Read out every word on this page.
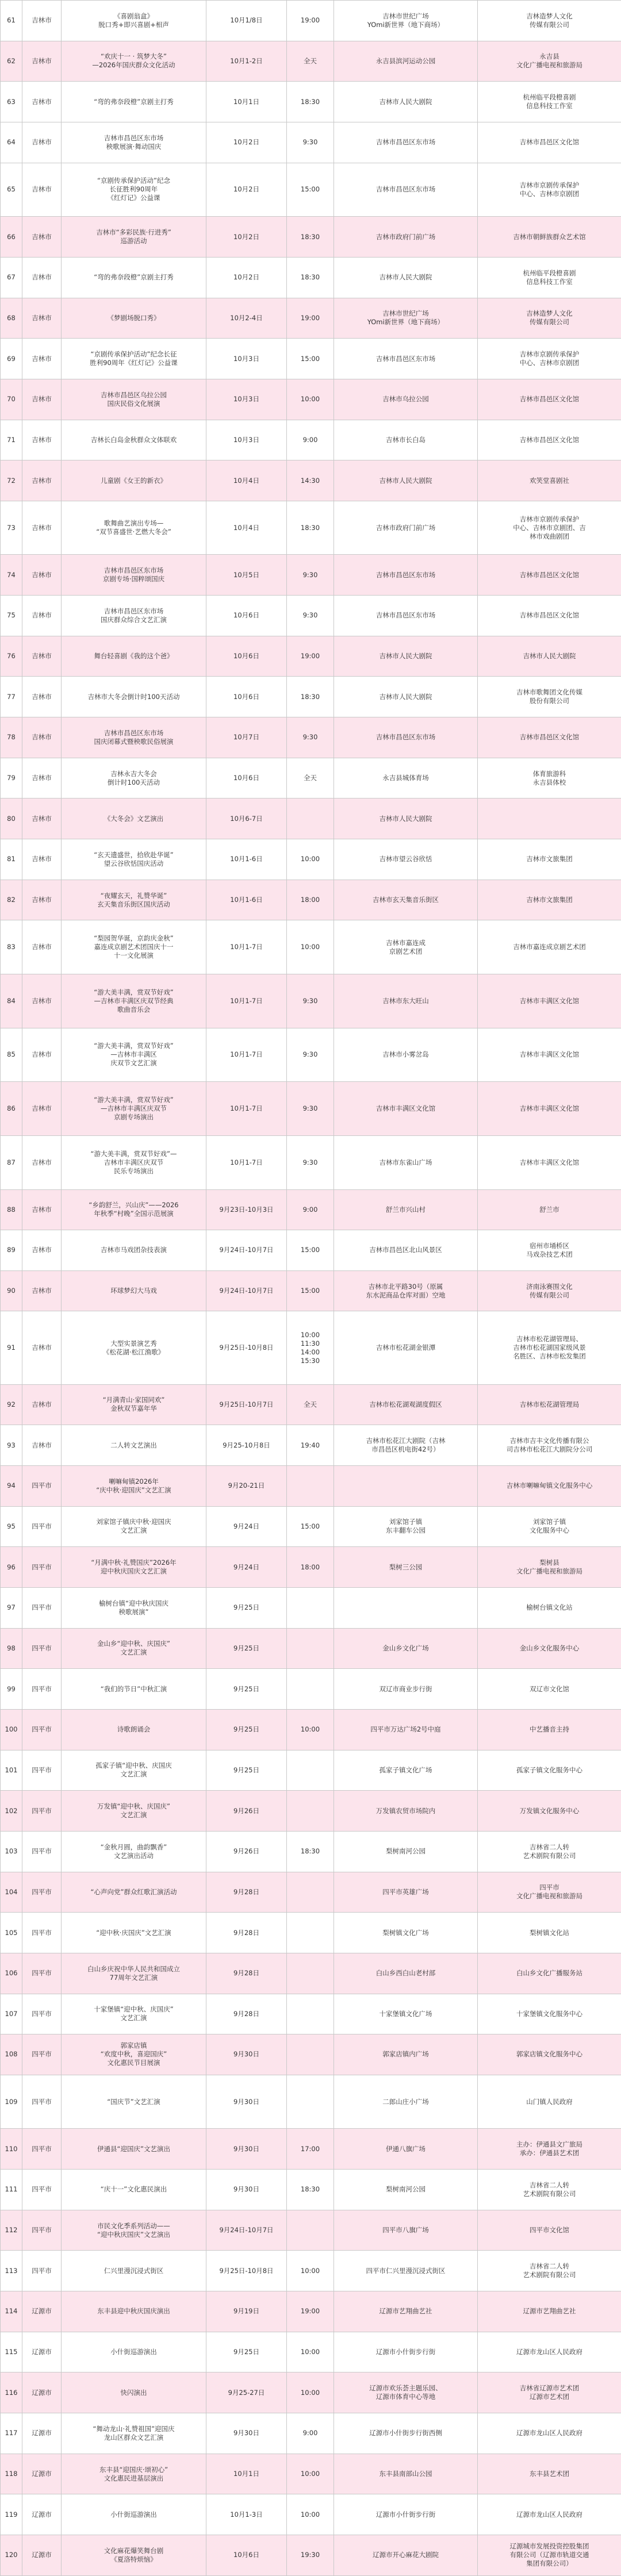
61	吉林市	《喜剧翁盒》
脱口秀+即兴喜剧+相声	10月1/8日	19:00	吉林市世纪广场
YOmi新世界（地下商场）	吉林造梦人文化
传媒有限公司
62	吉林市	“欢庆十一 · 筑梦大冬”
—2026年国庆群众文化活动	10月1-2日	全天	永吉县滨河运动公园	永吉县
文化广播电视和旅游局
63	吉林市	“弯的弗奈段橙”京剧主打秀	10月1日	18:30	吉林市人民大剧院	杭州临平段橙喜剧
信息科技工作室
64	吉林市	吉林市昌邑区东市场
秧歌展演·舞动国庆	10月2日	9:30	吉林市昌邑区东市场	吉林市昌邑区文化馆
65	吉林市	“京剧传承保护活动”纪念
长征胜利90周年
《红灯记》公益课	10月2日	15:00	吉林市昌邑区东市场	吉林市京剧传承保护
中心、吉林市京剧团
66	吉林市	吉林市“多彩民族·行进秀”
巡游活动	10月2日	18:30	吉林市政府门前广场	吉林市朝鲜族群众艺术馆
67	吉林市	“弯的弗奈段橙”京剧主打秀	10月2日	18:30	吉林市人民大剧院	杭州临平段橙喜剧
信息科技工作室
68	吉林市	《梦剧场脱口秀》	10月2-4日	19:00	吉林市世纪广场
YOmi新世界（地下商场）	吉林造梦人文化
传媒有限公司
69	吉林市	“京剧传承保护活动”纪念长征
胜利90周年《红灯记》公益课	10月3日	15:00	吉林市昌邑区东市场	吉林市京剧传承保护
中心、吉林市京剧团
70	吉林市	吉林市昌邑区乌拉公园
国庆民俗文化展演	10月3日	10:00	吉林市乌拉公园	吉林市昌邑区文化馆
71	吉林市	吉林长白岛金秋群众文体联欢	10月3日	9:00	吉林市长白岛	吉林市昌邑区文化馆
72	吉林市	儿童剧《女王的新衣》	10月4日	14:30	吉林市人民大剧院	欢笑堂喜剧社
73	吉林市	歌舞曲艺演出专场—
“双节喜盛世·艺燃大冬会”	10月4日	18:30	吉林市政府门前广场	吉林市京剧传承保护
中心、吉林市京剧团、吉
林市戏曲剧团
74	吉林市	吉林市昌邑区东市场
京剧专场·国粹颂国庆	10月5日	9:30	吉林市昌邑区东市场	吉林市昌邑区文化馆
75	吉林市	吉林市昌邑区东市场
国庆群众综合文艺汇演	10月6日	9:30	吉林市昌邑区东市场	吉林市昌邑区文化馆
76	吉林市	舞台轻喜剧《我的这个爸》	10月6日	19:00	吉林市人民大剧院	吉林市人民大剧院
77	吉林市	吉林市大冬会倒计时100天活动	10月6日	18:30	吉林市人民大剧院	吉林市歌舞团文化传媒
股份有限公司
78	吉林市	吉林市昌邑区东市场
国庆闭幕式暨秧歌民俗展演	10月7日	9:30	吉林市昌邑区东市场	吉林市昌邑区文化馆
79	吉林市	吉林永吉大冬会
倒计时100天活动	10月6日	全天	永吉县城体育场	体育旅游科
永吉县体校
80	吉林市	《大冬会》文艺演出	10月6-7日		吉林市人民大剧院	
81	吉林市	“玄天遗盛世，拾欣赴华诞”
望云谷欣恬国庆活动	10月1-6日	10:00	吉林市望云谷欣恬	吉林市文旅集团
82	吉林市	“夜耀玄天，礼赞华诞”
玄天集音乐街区国庆活动	10月1-6日	18:00	吉林市玄天集音乐街区	吉林市文旅集团
83	吉林市	“梨园贺华诞，京韵庆金秋”
嘉连成京剧艺术团国庆十一
十一文化展演	10月1-7日	10:00	吉林市嘉连成
京剧艺术团	吉林市嘉连成京剧艺术团
84	吉林市	“游大美丰满，赏双节好戏”
—吉林市丰满区庆双节经典
歌曲音乐会	10月1-7日	9:30	吉林市东大旺山	吉林市丰满区文化馆
85	吉林市	“游大美丰满，赏双节好戏”
—吉林市丰满区
庆双节文艺汇演	10月1-7日	9:30	吉林市小雾岔岛	吉林市丰满区文化馆
86	吉林市	“游大美丰满，赏双节好戏”
—吉林市丰满区庆双节
京剧专场演出	10月1-7日	9:30	吉林市丰满区文化馆	吉林市丰满区文化馆
87	吉林市	“游大美丰满，赏双节好戏”—
吉林市丰满区庆双节
民乐专场演出	10月1-7日	9:30	吉林市东雀山广场	吉林市丰满区文化馆
88	吉林市	“乡韵舒兰，兴山庆”——2026
年秋季“村晚”全国示范展演	9月23日-10月3日	9:00	舒兰市兴山村	舒兰市
89	吉林市	吉林市马戏团杂技表演	9月24日-10月7日	15:00	吉林市昌邑区北山风景区	宿州市埇桥区
马戏杂技艺术团
90	吉林市	环球梦幻大马戏	9月24日-10月7日	15:00	吉林市北平路30号（原属
东水泥商品仓库对面）空地	济南泳赛围文化
传媒有限公司
91	吉林市	大型实景演艺秀
《松花湖·松江渔歌》	9月25日-10月8日	10:00
11:30
14:00
15:30	吉林市松花湖金银潭	吉林市松花湖管理局、
吉林市松花湖国家级风景
名胜区、吉林市松发集团
92	吉林市	“月满青山·家国同欢”
金秋双节嘉年华	9月25日-10月7日	全天	吉林市松花湖观湖度假区	吉林市松花湖管理局
93	吉林市	二人转文艺演出	9月25-10月8日	19:40	吉林市松花江大剧院（吉林
市昌邑区机电街42号）	吉林市吉丰文化传播有限公
司吉林市松花江大剧院分公司
94	四平市	喇嘛甸镇2026年
“庆中秋·迎国庆”文艺汇演	9月20-21日			吉林市喇嘛甸镇文化服务中心
95	四平市	刘家馆子镇庆中秋·迎国庆
文艺汇演	9月24日	15:00	刘家馆子镇
东丰翻车公园	刘家馆子镇
文化服务中心
96	四平市	“月满中秋·礼赞国庆”2026年
迎中秋庆国庆文艺汇演	9月24日	18:00	梨树三公园	梨树县
文化广播电视和旅游局
97	四平市	榆树台镇“迎中秋庆国庆
秧歌展演”	9月25日			榆树台镇文化站
98	四平市	金山乡“迎中秋、庆国庆”
文艺汇演	9月25日		金山乡文化广场	金山乡文化服务中心
99	四平市	“我们的节日”中秋汇演	9月25日		双辽市商业步行街	双辽市文化馆
100	四平市	诗歌朗诵会	9月25日	10:00	四平市万达广场2号中庭	中艺播音主持
101	四平市	孤家子镇“迎中秋、庆国庆
文艺汇演	9月25日		孤家子镇文化广场	孤家子镇文化服务中心
102	四平市	万发镇“迎中秋、庆国庆”
文艺汇演	9月26日		万发镇农贸市场院内	万发镇文化服务中心
103	四平市	“金秋月圆，曲韵飘香”
文艺演出活动	9月26日	18:30	梨树南河公园	吉林省二人转
艺术剧院有限公司
104	四平市	“心声向党”群众红歌汇演活动	9月28日		四平市英雄广场	四平市
文化广播电视和旅游局
105	四平市	“迎中秋·庆国庆”文艺汇演	9月28日		梨树镇文化广场	梨树镇文化站
106	四平市	白山乡庆祝中华人民共和国成立
77周年文艺汇演	9月28日		白山乡西白山老村部	白山乡文化广播服务站
107	四平市	十家堡镇“迎中秋、庆国庆”
文艺汇演	9月28日		十家堡镇文化广场	十家堡镇文化服务中心
108	四平市	郭家店镇
“欢度中秋，喜迎国庆”
文化惠民节目展演	9月30日		郭家店镇内广场	郭家店镇文化服务中心
109	四平市	“国庆节”文艺汇演	9月30日		二郎山庄小广场	山门镇人民政府
110	四平市	伊通县“迎国庆”文艺演出	9月30日	17:00	伊通八旗广场	主办：伊通县文广旅局
承办：伊通县艺术团
111	四平市	“庆十一”文化惠民演出	9月30日	18:30	梨树南河公园	吉林省二人转
艺术剧院有限公司
112	四平市	市民文化季系列活动——
“迎中秋庆国庆”文艺演出	9月24日-10月7日		四平市八旗广场	四平市文化馆
113	四平市	仁兴里漫沉浸式街区	9月25日-10月8日	10:00	四平市仁兴里漫沉浸式街区	吉林省二人转
艺术剧院有限公司
114	辽源市	东丰县迎中秋庆国庆演出	9月19日	19:00	辽源市艺翔曲艺社	辽源市艺翔曲艺社
115	辽源市	小什街巡游演出	9月25日	10:00	辽源市小什街步行街	辽源市龙山区人民政府
116	辽源市	快闪演出	9月25-27日	10:00	辽源市欢乐荟主题乐园、
辽源市体育中心等地	吉林省辽源市艺术团
辽源市艺术团
117	辽源市	“舞动龙山·礼赞祖国”迎国庆
龙山区群众文艺汇演	9月30日	9:00	辽源市小什街步行街西侧	辽源市龙山区人民政府
118	辽源市	东丰县“迎国庆·颂初心”
文化惠民进基层演出	10月1日	10:00	东丰县南部山公园	东丰县艺术团
119	辽源市	小什街巡游演出	10月1-3日	10:00	辽源市小什街步行街	辽源市龙山区人民政府
120	辽源市	文化麻花爆笑舞台剧
《夏洛特烦恼》	10月6日	19:30	辽源市开心麻花大剧院	辽源城市发展投资控股集团
有限公司（辽源市轨道交通
集团有限公司）
